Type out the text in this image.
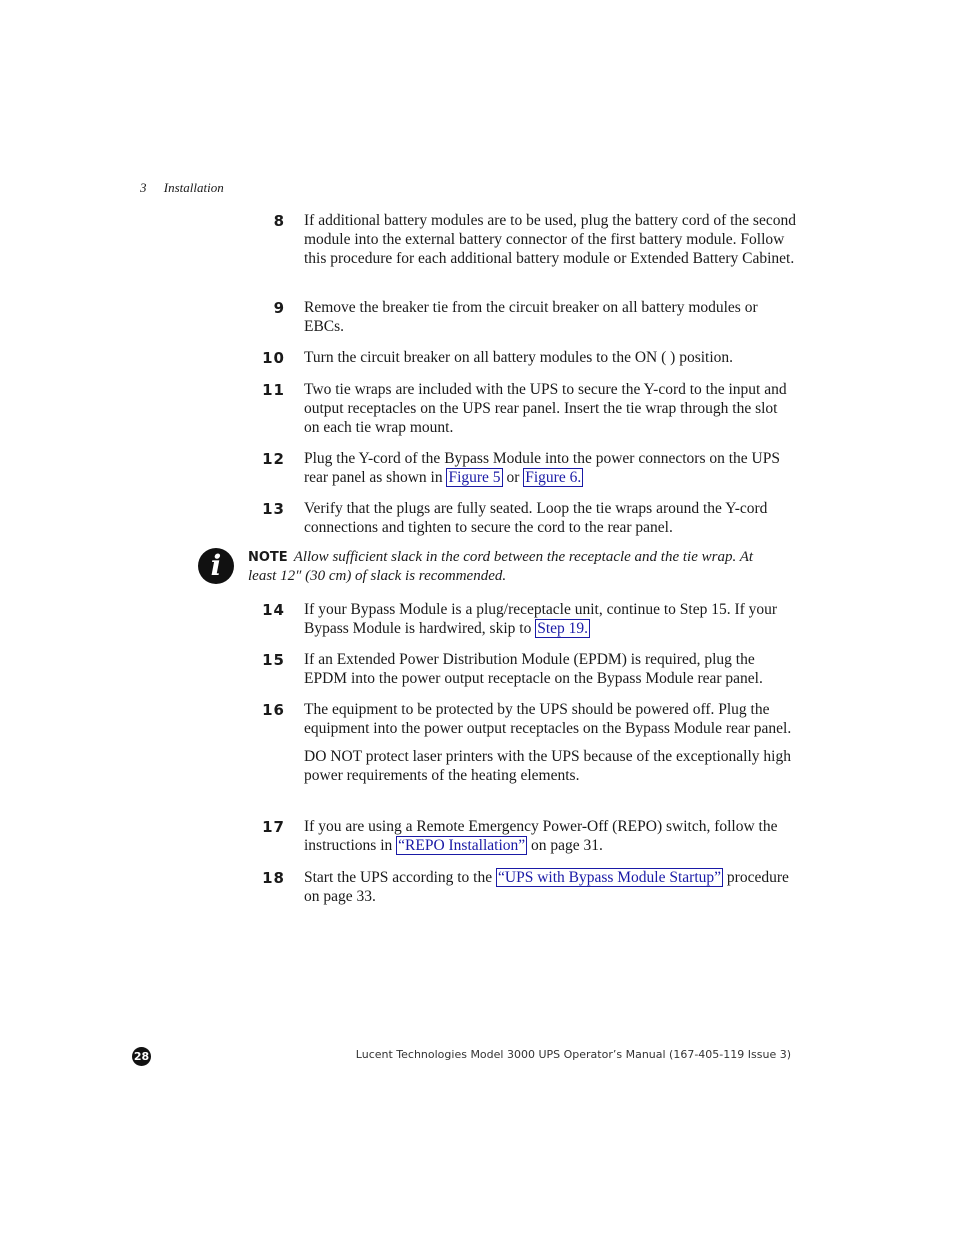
3 Installation
8 If additional battery modules are to be used, plug the battery cord of the second module into the external battery connector of the first battery module. Follow this procedure for each additional battery module or Extended Battery Cabinet.

9 Remove the breaker tie from the circuit breaker on all battery modules or EBCs.

10 Turn the circuit breaker on all battery modules to the ON ( ) position.

11 Two tie wraps are included with the UPS to secure the Y-cord to the input and output receptacles on the UPS rear panel. Insert the tie wrap through the slot on each tie wrap mount.

12 Plug the Y-cord of the Bypass Module into the power connectors on the UPS rear panel as shown in Figure 5 or Figure 6.

13 Verify that the plugs are fully seated. Loop the tie wraps around the Y-cord connections and tighten to secure the cord to the rear panel.

i	NOTE Allow sufficient slack in the cord between the receptacle and the tie wrap. At least 12″ (30 cm) of slack is recommended.
14 If your Bypass Module is a plug/receptacle unit, continue to Step 15. If your Bypass Module is hardwired, skip to Step 19.

15 If an Extended Power Distribution Module (EPDM) is required, plug the EPDM into the power output receptacle on the Bypass Module rear panel.

16 The equipment to be protected by the UPS should be powered off. Plug the equipment into the power output receptacles on the Bypass Module rear panel.

DO NOT protect laser printers with the UPS because of the exceptionally high power requirements of the heating elements.

17 If you are using a Remote Emergency Power-Off (REPO) switch, follow the instructions in “REPO Installation” on page 31.

18 Start the UPS according to the “UPS with Bypass Module Startup” procedure on page 33.

28	Lucent Technologies Model 3000 UPS Operator’s Manual (167-405-119 Issue 3)
